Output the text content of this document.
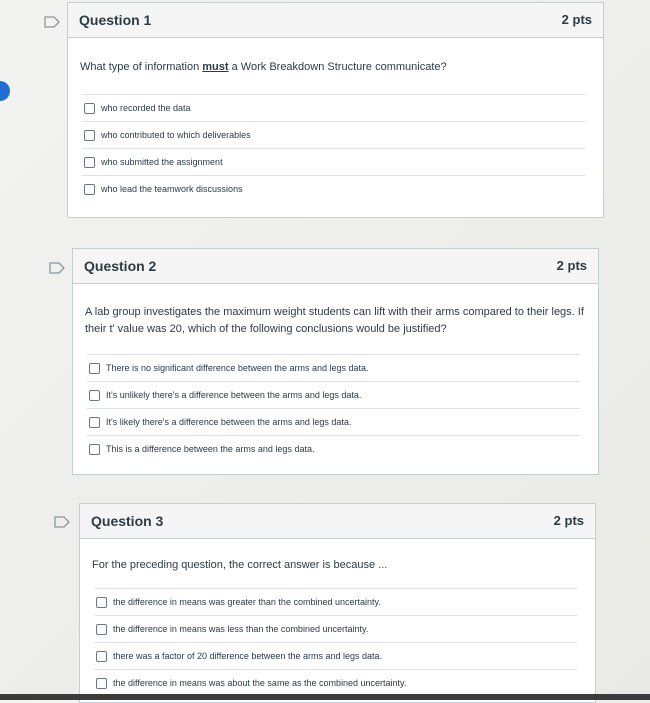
Question 1	2 pts
What type of information must a Work Breakdown Structure communicate?
who recorded the data
who contributed to which deliverables
who submitted the assignment
who lead the teamwork discussions
Question 2	2 pts
A lab group investigates the maximum weight students can lift with their arms compared to their legs. If their t' value was 20, which of the following conclusions would be justified?
There is no significant difference between the arms and legs data.
It's unlikely there's a difference between the arms and legs data.
It's likely there's a difference between the arms and legs data.
This is a difference between the arms and legs data.
Question 3	2 pts
For the preceding question, the correct answer is because ...
the difference in means was greater than the combined uncertainty.
the difference in means was less than the combined uncertainty.
there was a factor of 20 difference between the arms and legs data.
the difference in means was about the same as the combined uncertainty.
